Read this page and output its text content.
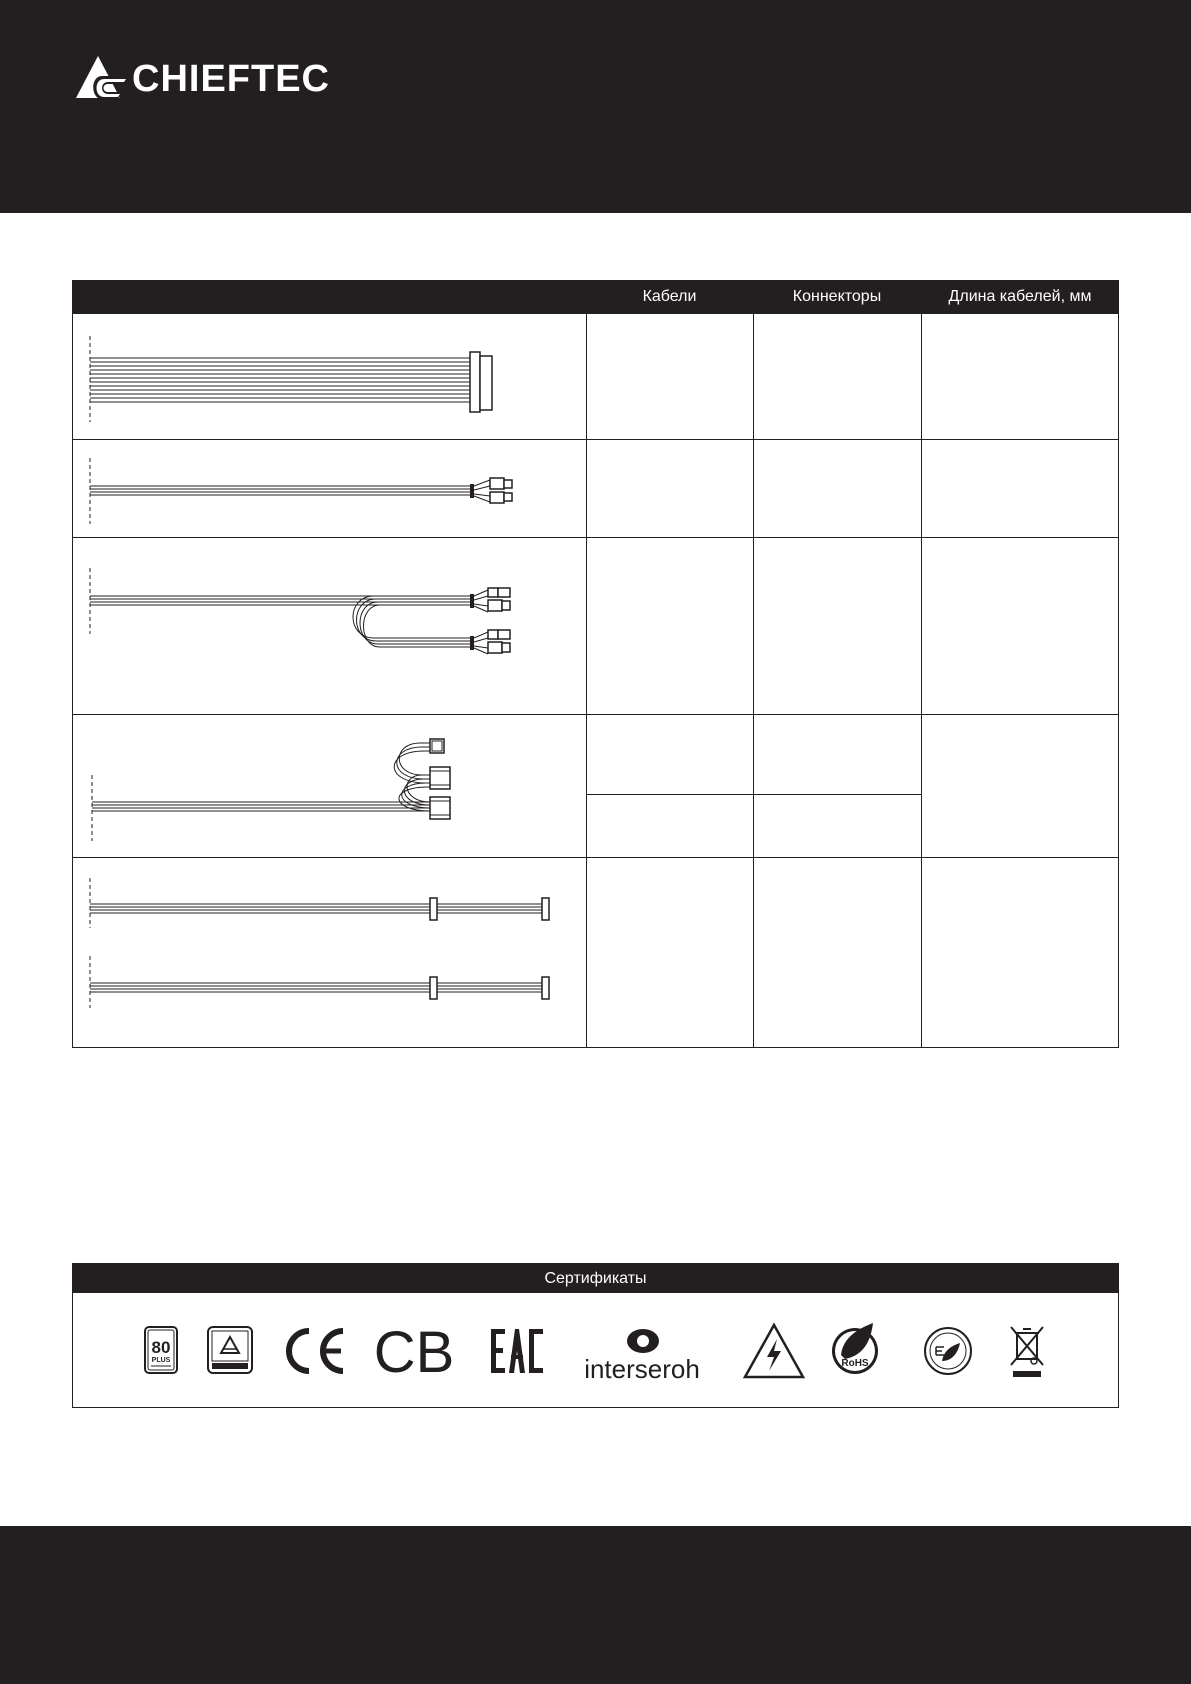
CHIEFTEC
Кабели	Коннекторы	Длина кабелей, мм
Сертификаты
80
PLUS	CB	interseroh	RoHS
